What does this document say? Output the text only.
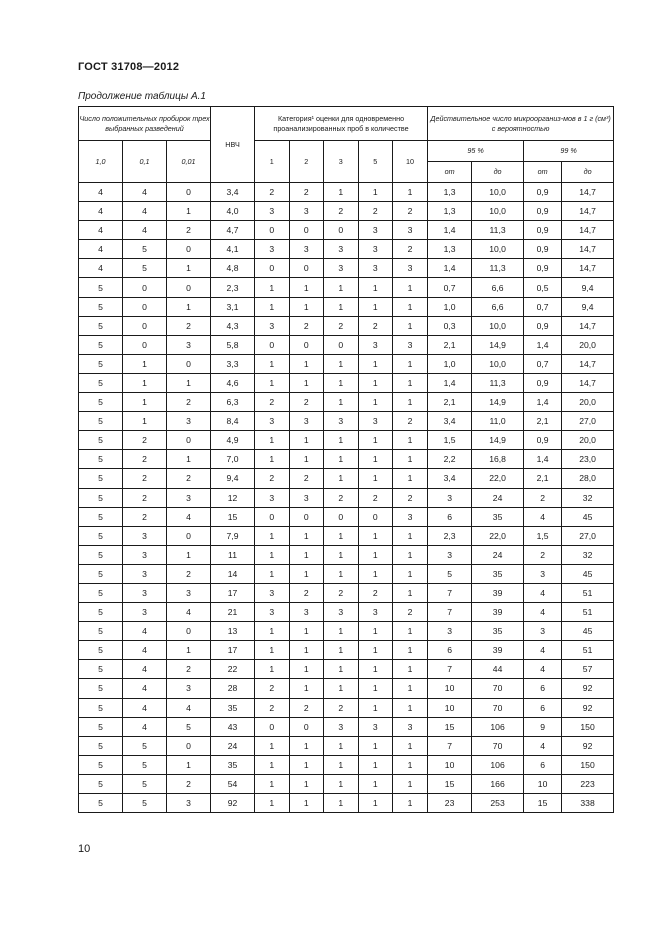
ГОСТ 31708—2012
Продолжение таблицы А.1
Число положительных пробирок трех выбранных разведений			НВЧ	Категория¹ оценки для одновременно проанализированных проб в количестве					Действительное число микроорганиз-мов в 1 г (см³) с вероятностью			
1,0	0,1	0,01		1	2	3	5	10	95 %		99 %	
									от	до	от	до
4	4	0	3,4	2	2	1	1	1	1,3	10,0	0,9	14,7
4	4	1	4,0	3	3	2	2	2	1,3	10,0	0,9	14,7
4	4	2	4,7	0	0	0	3	3	1,4	11,3	0,9	14,7
4	5	0	4,1	3	3	3	3	2	1,3	10,0	0,9	14,7
4	5	1	4,8	0	0	3	3	3	1,4	11,3	0,9	14,7
5	0	0	2,3	1	1	1	1	1	0,7	6,6	0,5	9,4
5	0	1	3,1	1	1	1	1	1	1,0	6,6	0,7	9,4
5	0	2	4,3	3	2	2	2	1	0,3	10,0	0,9	14,7
5	0	3	5,8	0	0	0	3	3	2,1	14,9	1,4	20,0
5	1	0	3,3	1	1	1	1	1	1,0	10,0	0,7	14,7
5	1	1	4,6	1	1	1	1	1	1,4	11,3	0,9	14,7
5	1	2	6,3	2	2	1	1	1	2,1	14,9	1,4	20,0
5	1	3	8,4	3	3	3	3	2	3,4	11,0	2,1	27,0
5	2	0	4,9	1	1	1	1	1	1,5	14,9	0,9	20,0
5	2	1	7,0	1	1	1	1	1	2,2	16,8	1,4	23,0
5	2	2	9,4	2	2	1	1	1	3,4	22,0	2,1	28,0
5	2	3	12	3	3	2	2	2	3	24	2	32
5	2	4	15	0	0	0	0	3	6	35	4	45
5	3	0	7,9	1	1	1	1	1	2,3	22,0	1,5	27,0
5	3	1	11	1	1	1	1	1	3	24	2	32
5	3	2	14	1	1	1	1	1	5	35	3	45
5	3	3	17	3	2	2	2	1	7	39	4	51
5	3	4	21	3	3	3	3	2	7	39	4	51
5	4	0	13	1	1	1	1	1	3	35	3	45
5	4	1	17	1	1	1	1	1	6	39	4	51
5	4	2	22	1	1	1	1	1	7	44	4	57
5	4	3	28	2	1	1	1	1	10	70	6	92
5	4	4	35	2	2	2	1	1	10	70	6	92
5	4	5	43	0	0	3	3	3	15	106	9	150
5	5	0	24	1	1	1	1	1	7	70	4	92
5	5	1	35	1	1	1	1	1	10	106	6	150
5	5	2	54	1	1	1	1	1	15	166	10	223
5	5	3	92	1	1	1	1	1	23	253	15	338
10
